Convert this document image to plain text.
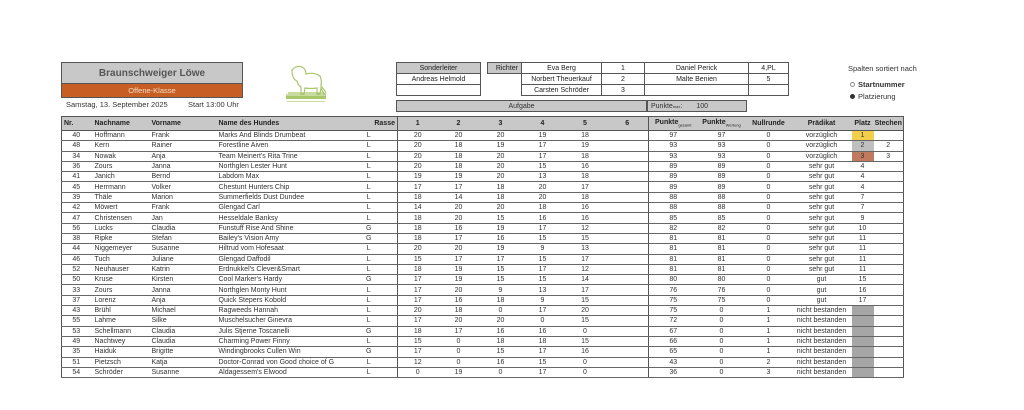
Braunschweiger Löwe
Offene-Klasse
Samstag, 13. September 2025	Start 13:00 Uhr
Sonderleiter		Richter	Eva Berg	1	Daniel Perick	4,PL
Andreas Helmold			Norbert Theuerkauf	2	Malte Benien	5
			Carsten Schröder	3		
Spalten sortiert nach
Startnummer
Platzierung
Aufgabe	Punkte max : 100
Nr.	Nachname	Vorname	Name des Hundes	Rasse	1	2	3	4	5	6	Punkte$_{gesamt}$	Punkte$_{Wertung}$	Nullrunde	Prädikat	Platz	Stechen
40	Hoffmann	Frank	Marks And Blinds Drumbeat	L	20	20	20	19	18		97	97	0	vorzüglich	1	
48	Kern	Rainer	Forestline Aiven	L	20	18	19	17	19		93	93	0	vorzüglich	2	2
34	Nowak	Anja	Team Meinert's Rita Trine	L	20	18	20	17	18		93	93	0	vorzüglich	3	3
36	Zours	Janna	Northglen Lester Hunt	L	20	18	20	15	16		89	89	0	sehr gut	4	
41	Janich	Bernd	Labdom Max	L	19	19	20	13	18		89	89	0	sehr gut	4	
45	Herrmann	Volker	Chestunt Hunters Chip	L	17	17	18	20	17		89	89	0	sehr gut	4	
39	Thäle	Marion	Summerfields Dust Dundee	L	18	14	18	20	18		88	88	0	sehr gut	7	
42	Möwert	Frank	Glengad Carl	L	14	20	20	18	16		88	88	0	sehr gut	7	
47	Christensen	Jan	Hesseldale Banksy	L	18	20	15	16	16		85	85	0	sehr gut	9	
56	Lucks	Claudia	Funstuff Rise And Shine	G	18	16	19	17	12		82	82	0	sehr gut	10	
38	Ripke	Stefan	Bailey's Vision Amy	G	18	17	16	15	15		81	81	0	sehr gut	11	
44	Niggemeyer	Susanne	Hiltrud vom Hofesaat	L	20	20	19	9	13		81	81	0	sehr gut	11	
46	Tuch	Juliane	Glengad Daffodil	L	15	17	17	15	17		81	81	0	sehr gut	11	
52	Neuhauser	Katrin	Erdnukkel's Clever&Smart	L	18	19	15	17	12		81	81	0	sehr gut	11	
50	Kruse	Kirsten	Cool Marker's Hardy	G	17	19	15	15	14		80	80	0	gut	15	
33	Zours	Janna	Northglen Monty Hunt	L	17	20	9	13	17		76	76	0	gut	16	
37	Lorenz	Anja	Quick Stepers Kobold	L	17	16	18	9	15		75	75	0	gut	17	
43	Brühl	Michael	Ragweeds Hannah	L	20	18	0	17	20		75	0	1	nicht bestanden		
55	Lahme	Silke	Muschelsucher Ginevra	L	17	20	20	0	15		72	0	1	nicht bestanden		
53	Schellmann	Claudia	Julis Stjerne Toscanelli	G	18	17	16	16	0		67	0	1	nicht bestanden		
49	Nachtwey	Claudia	Charming Power Finny	L	15	0	18	18	15		66	0	1	nicht bestanden		
35	Haiduk	Brigitte	Windingbrooks Cullen Win	G	17	0	15	17	16		65	0	1	nicht bestanden		
51	Pietzsch	Katja	Doctor-Conrad von Good choice of G	L	12	0	16	15	0		43	0	2	nicht bestanden		
54	Schröder	Susanne	Aldagessem's Elwood	L	0	19	0	17	0		36	0	3	nicht bestanden		
